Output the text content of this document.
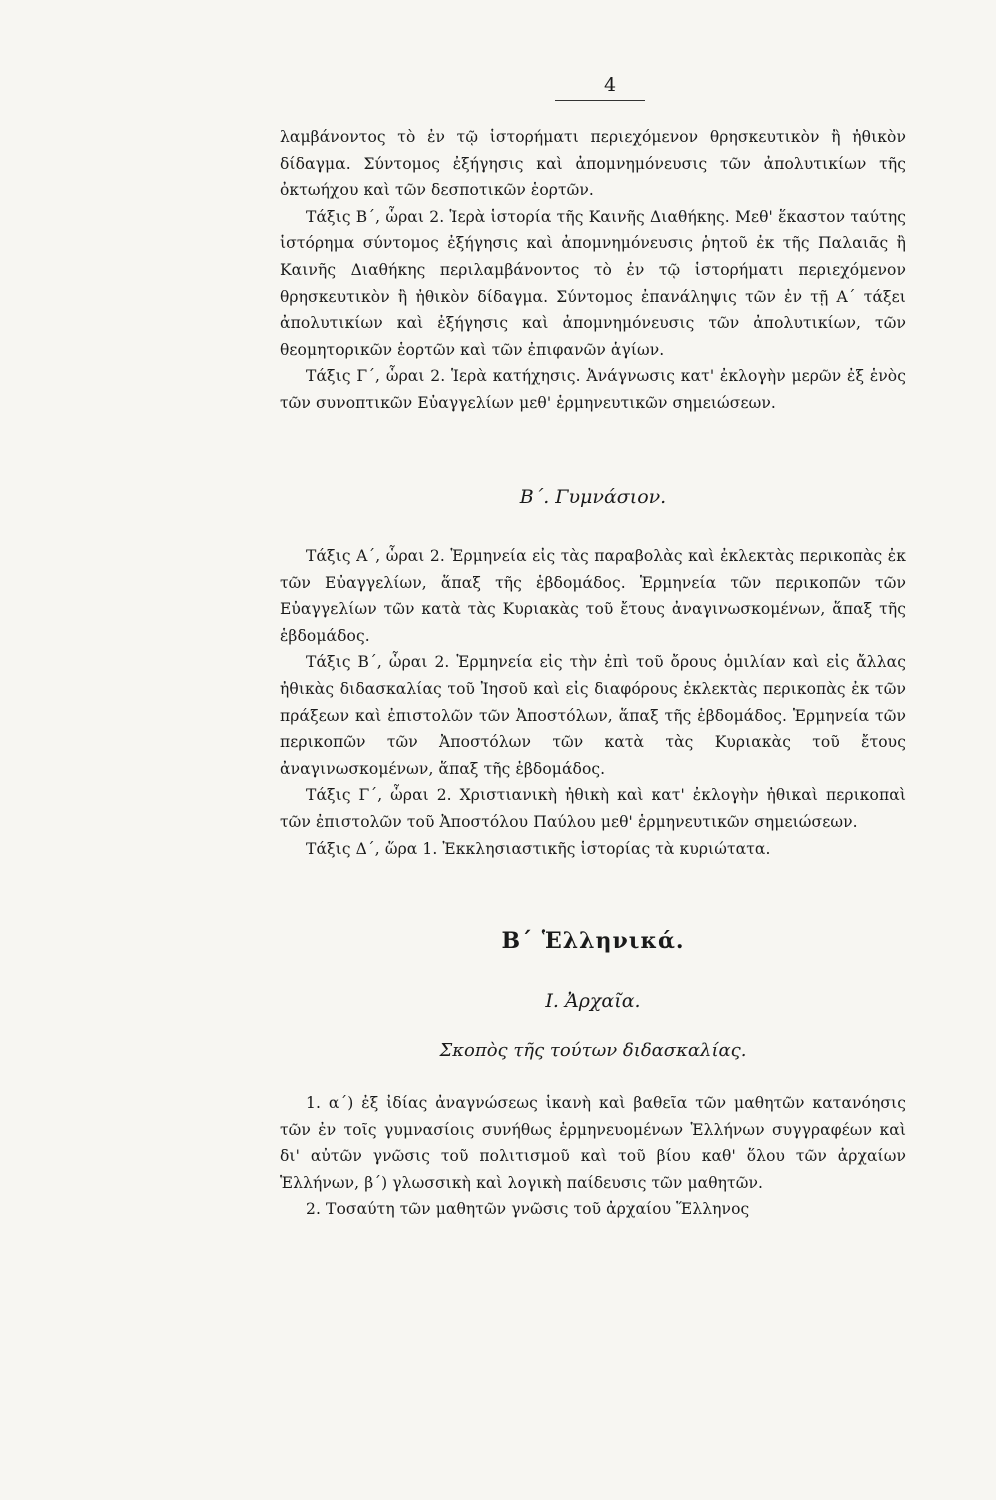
4

λαμβάνοντος τὸ ἐν τῷ ἱστορήματι περιεχόμενον θρησκευτικὸν ἢ ἠθικὸν δίδαγμα. Σύντομος ἐξήγησις καὶ ἀπομνημόνευσις τῶν ἀπολυτικίων τῆς ὀκτωήχου καὶ τῶν δεσποτικῶν ἑορτῶν.

Τάξις Β΄, ὧραι 2. Ἱερὰ ἱστορία τῆς Καινῆς Διαθήκης. Μεθ' ἕκαστον ταύτης ἱστόρημα σύντομος ἐξήγησις καὶ ἀπομνημόνευσις ῥητοῦ ἐκ τῆς Παλαιᾶς ἢ Καινῆς Διαθήκης περιλαμβάνοντος τὸ ἐν τῷ ἱστορήματι περιεχόμενον θρησκευτικὸν ἢ ἠθικὸν δίδαγμα. Σύντομος ἐπανάληψις τῶν ἐν τῇ Α΄ τάξει ἀπολυτικίων καὶ ἐξήγησις καὶ ἀπομνημόνευσις τῶν ἀπολυτικίων, τῶν θεομητορικῶν ἑορτῶν καὶ τῶν ἐπιφανῶν ἁγίων.

Τάξις Γ΄, ὧραι 2. Ἱερὰ κατήχησις. Ἀνάγνωσις κατ' ἐκλογὴν μερῶν ἐξ ἑνὸς τῶν συνοπτικῶν Εὐαγγελίων μεθ' ἑρμηνευτικῶν σημειώσεων.

Β΄. Γυμνάσιον.

Τάξις Α΄, ὧραι 2. Ἑρμηνεία εἰς τὰς παραβολὰς καὶ ἐκλεκτὰς περικοπὰς ἐκ τῶν Εὐαγγελίων, ἅπαξ τῆς ἑβδομάδος. Ἑρμηνεία τῶν περικοπῶν τῶν Εὐαγγελίων τῶν κατὰ τὰς Κυριακὰς τοῦ ἔτους ἀναγινωσκομένων, ἅπαξ τῆς ἑβδομάδος.

Τάξις Β΄, ὧραι 2. Ἑρμηνεία εἰς τὴν ἐπὶ τοῦ ὄρους ὁμιλίαν καὶ εἰς ἄλλας ἠθικὰς διδασκαλίας τοῦ Ἰησοῦ καὶ εἰς διαφόρους ἐκλεκτὰς περικοπὰς ἐκ τῶν πράξεων καὶ ἐπιστολῶν τῶν Ἀποστόλων, ἅπαξ τῆς ἑβδομάδος. Ἑρμηνεία τῶν περικοπῶν τῶν Ἀποστόλων τῶν κατὰ τὰς Κυριακὰς τοῦ ἔτους ἀναγινωσκομένων, ἅπαξ τῆς ἑβδομάδος.

Τάξις Γ΄, ὧραι 2. Χριστιανικὴ ἠθικὴ καὶ κατ' ἐκλογὴν ἠθικαὶ περικοπαὶ τῶν ἐπιστολῶν τοῦ Ἀποστόλου Παύλου μεθ' ἑρμηνευτικῶν σημειώσεων.

Τάξις Δ΄, ὥρα 1. Ἐκκλησιαστικῆς ἱστορίας τὰ κυριώτατα.

Β΄ Ἑλληνικά.
Ι. Ἀρχαῖα.
Σκοπὸς τῆς τούτων διδασκαλίας.

1. α΄) ἐξ ἰδίας ἀναγνώσεως ἱκανὴ καὶ βαθεῖα τῶν μαθητῶν κατανόησις τῶν ἐν τοῖς γυμνασίοις συνήθως ἑρμηνευομένων Ἑλλήνων συγγραφέων καὶ δι' αὐτῶν γνῶσις τοῦ πολιτισμοῦ καὶ τοῦ βίου καθ' ὅλου τῶν ἀρχαίων Ἑλλήνων, β΄) γλωσσικὴ καὶ λογικὴ παίδευσις τῶν μαθητῶν.

2. Τοσαύτη τῶν μαθητῶν γνῶσις τοῦ ἀρχαίου Ἕλληνος
